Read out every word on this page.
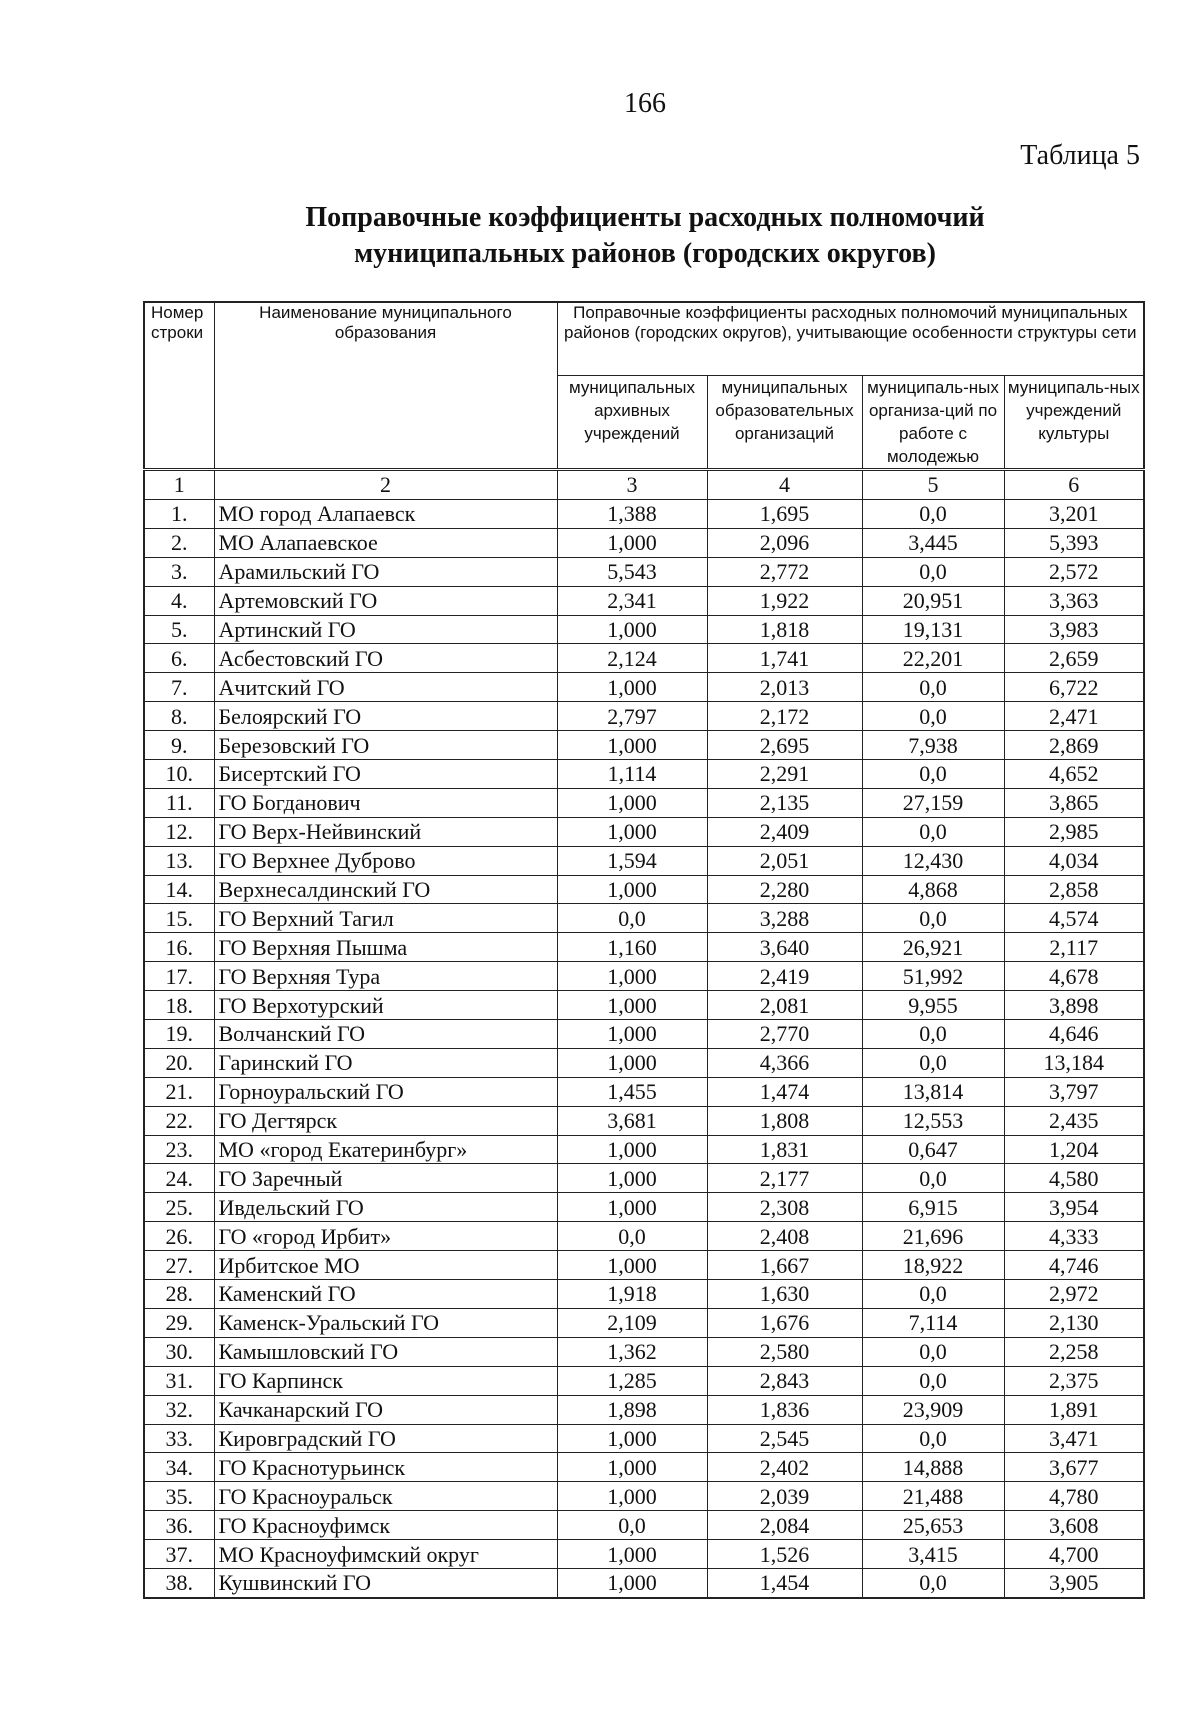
166
Таблица 5
Поправочные коэффициенты расходных полномочий
муниципальных районов (городских округов)
Номер строки	Наименование муниципального образования	Поправочные коэффициенты расходных полномочий муниципальных районов (городских округов), учитывающие особенности структуры сети			
		муниципальных архивных учреждений	муниципальных образовательных организаций	муниципаль-ных организа-ций по работе с молодежью	муниципаль-ных учреждений культуры
1	2	3	4	5	6
1.	МО город Алапаевск	1,388	1,695	0,0	3,201
2.	МО Алапаевское	1,000	2,096	3,445	5,393
3.	Арамильский ГО	5,543	2,772	0,0	2,572
4.	Артемовский ГО	2,341	1,922	20,951	3,363
5.	Артинский ГО	1,000	1,818	19,131	3,983
6.	Асбестовский ГО	2,124	1,741	22,201	2,659
7.	Ачитский ГО	1,000	2,013	0,0	6,722
8.	Белоярский ГО	2,797	2,172	0,0	2,471
9.	Березовский ГО	1,000	2,695	7,938	2,869
10.	Бисертский ГО	1,114	2,291	0,0	4,652
11.	ГО Богданович	1,000	2,135	27,159	3,865
12.	ГО Верх-Нейвинский	1,000	2,409	0,0	2,985
13.	ГО Верхнее Дуброво	1,594	2,051	12,430	4,034
14.	Верхнесалдинский ГО	1,000	2,280	4,868	2,858
15.	ГО Верхний Тагил	0,0	3,288	0,0	4,574
16.	ГО Верхняя Пышма	1,160	3,640	26,921	2,117
17.	ГО Верхняя Тура	1,000	2,419	51,992	4,678
18.	ГО Верхотурский	1,000	2,081	9,955	3,898
19.	Волчанский ГО	1,000	2,770	0,0	4,646
20.	Гаринский ГО	1,000	4,366	0,0	13,184
21.	Горноуральский ГО	1,455	1,474	13,814	3,797
22.	ГО Дегтярск	3,681	1,808	12,553	2,435
23.	МО «город Екатеринбург»	1,000	1,831	0,647	1,204
24.	ГО Заречный	1,000	2,177	0,0	4,580
25.	Ивдельский ГО	1,000	2,308	6,915	3,954
26.	ГО «город Ирбит»	0,0	2,408	21,696	4,333
27.	Ирбитское МО	1,000	1,667	18,922	4,746
28.	Каменский ГО	1,918	1,630	0,0	2,972
29.	Каменск-Уральский ГО	2,109	1,676	7,114	2,130
30.	Камышловский ГО	1,362	2,580	0,0	2,258
31.	ГО Карпинск	1,285	2,843	0,0	2,375
32.	Качканарский ГО	1,898	1,836	23,909	1,891
33.	Кировградский ГО	1,000	2,545	0,0	3,471
34.	ГО Краснотурьинск	1,000	2,402	14,888	3,677
35.	ГО Красноуральск	1,000	2,039	21,488	4,780
36.	ГО Красноуфимск	0,0	2,084	25,653	3,608
37.	МО Красноуфимский округ	1,000	1,526	3,415	4,700
38.	Кушвинский ГО	1,000	1,454	0,0	3,905
